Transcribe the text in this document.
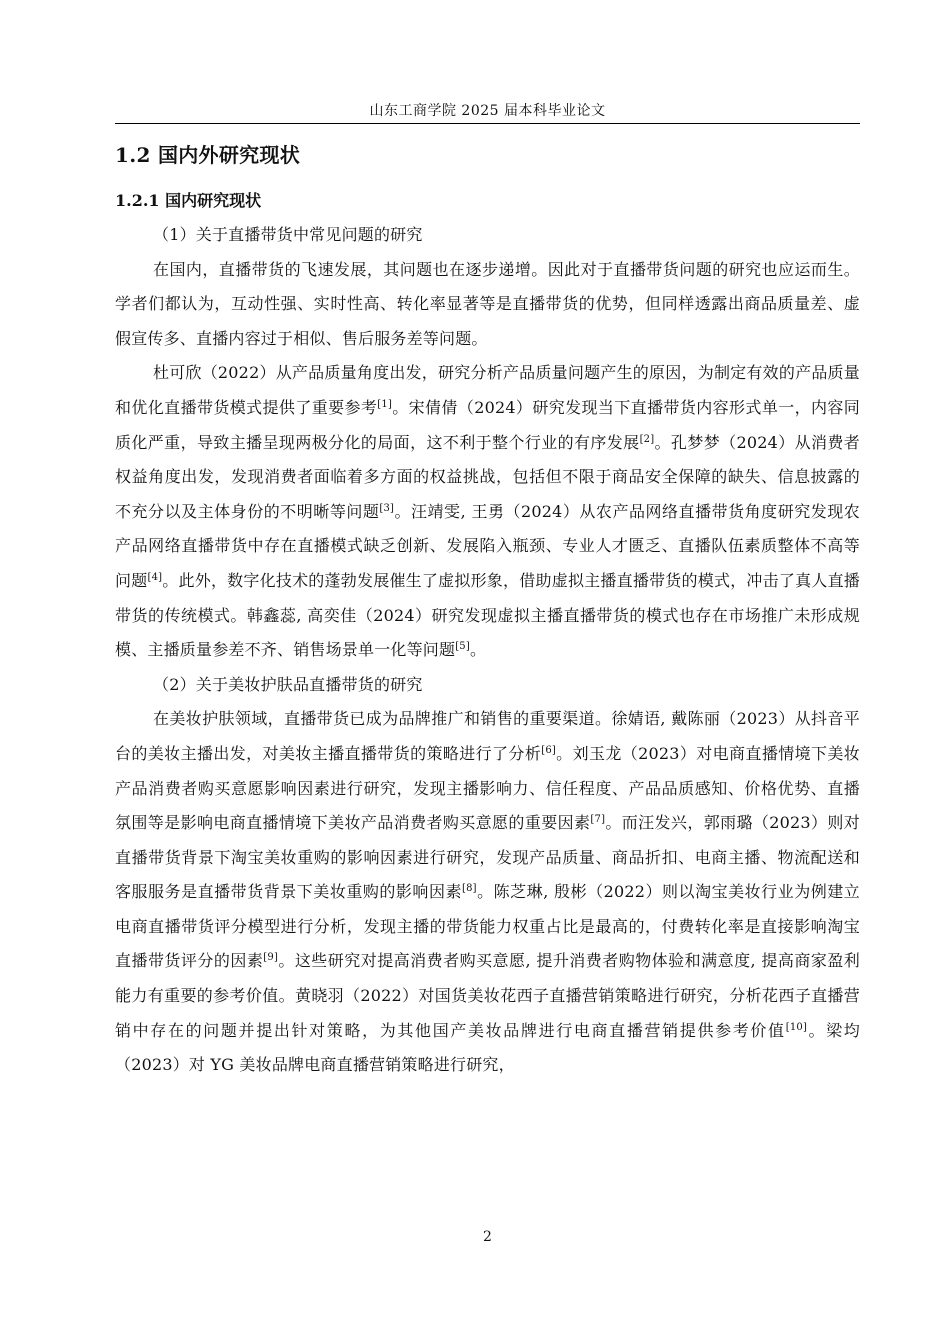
山东工商学院 2025 届本科毕业论文
1.2 国内外研究现状
1.2.1 国内研究现状

（1）关于直播带货中常见问题的研究

在国内，直播带货的飞速发展，其问题也在逐步递增。因此对于直播带货问题的研究也应运而生。学者们都认为，互动性强、实时性高、转化率显著等是直播带货的优势，但同样透露出商品质量差、虚假宣传多、直播内容过于相似、售后服务差等问题。

杜可欣（2022）从产品质量角度出发，研究分析产品质量问题产生的原因，为制定有效的产品质量和优化直播带货模式提供了重要参考[1]。宋倩倩（2024）研究发现当下直播带货内容形式单一，内容同质化严重，导致主播呈现两极分化的局面，这不利于整个行业的有序发展[2]。孔梦梦（2024）从消费者权益角度出发，发现消费者面临着多方面的权益挑战，包括但不限于商品安全保障的缺失、信息披露的不充分以及主体身份的不明晰等问题[3]。汪靖雯, 王勇（2024）从农产品网络直播带货角度研究发现农产品网络直播带货中存在直播模式缺乏创新、发展陷入瓶颈、专业人才匮乏、直播队伍素质整体不高等问题[4]。此外，数字化技术的蓬勃发展催生了虚拟形象，借助虚拟主播直播带货的模式，冲击了真人直播带货的传统模式。韩鑫蕊, 高奕佳（2024）研究发现虚拟主播直播带货的模式也存在市场推广未形成规模、主播质量参差不齐、销售场景单一化等问题[5]。

（2）关于美妆护肤品直播带货的研究

在美妆护肤领域，直播带货已成为品牌推广和销售的重要渠道。徐婧语, 戴陈丽（2023）从抖音平台的美妆主播出发，对美妆主播直播带货的策略进行了分析[6]。刘玉龙（2023）对电商直播情境下美妆产品消费者购买意愿影响因素进行研究，发现主播影响力、信任程度、产品品质感知、价格优势、直播氛围等是影响电商直播情境下美妆产品消费者购买意愿的重要因素[7]。而汪发兴，郭雨璐（2023）则对直播带货背景下淘宝美妆重购的影响因素进行研究，发现产品质量、商品折扣、电商主播、物流配送和客服服务是直播带货背景下美妆重购的影响因素[8]。陈芝琳, 殷彬（2022）则以淘宝美妆行业为例建立电商直播带货评分模型进行分析，发现主播的带货能力权重占比是最高的，付费转化率是直接影响淘宝直播带货评分的因素[9]。这些研究对提高消费者购买意愿, 提升消费者购物体验和满意度, 提高商家盈利能力有重要的参考价值。黄晓羽（2022）对国货美妆花西子直播营销策略进行研究，分析花西子直播营销中存在的问题并提出针对策略，为其他国产美妆品牌进行电商直播营销提供参考价值[10]。梁均（2023）对 YG 美妆品牌电商直播营销策略进行研究，

2
